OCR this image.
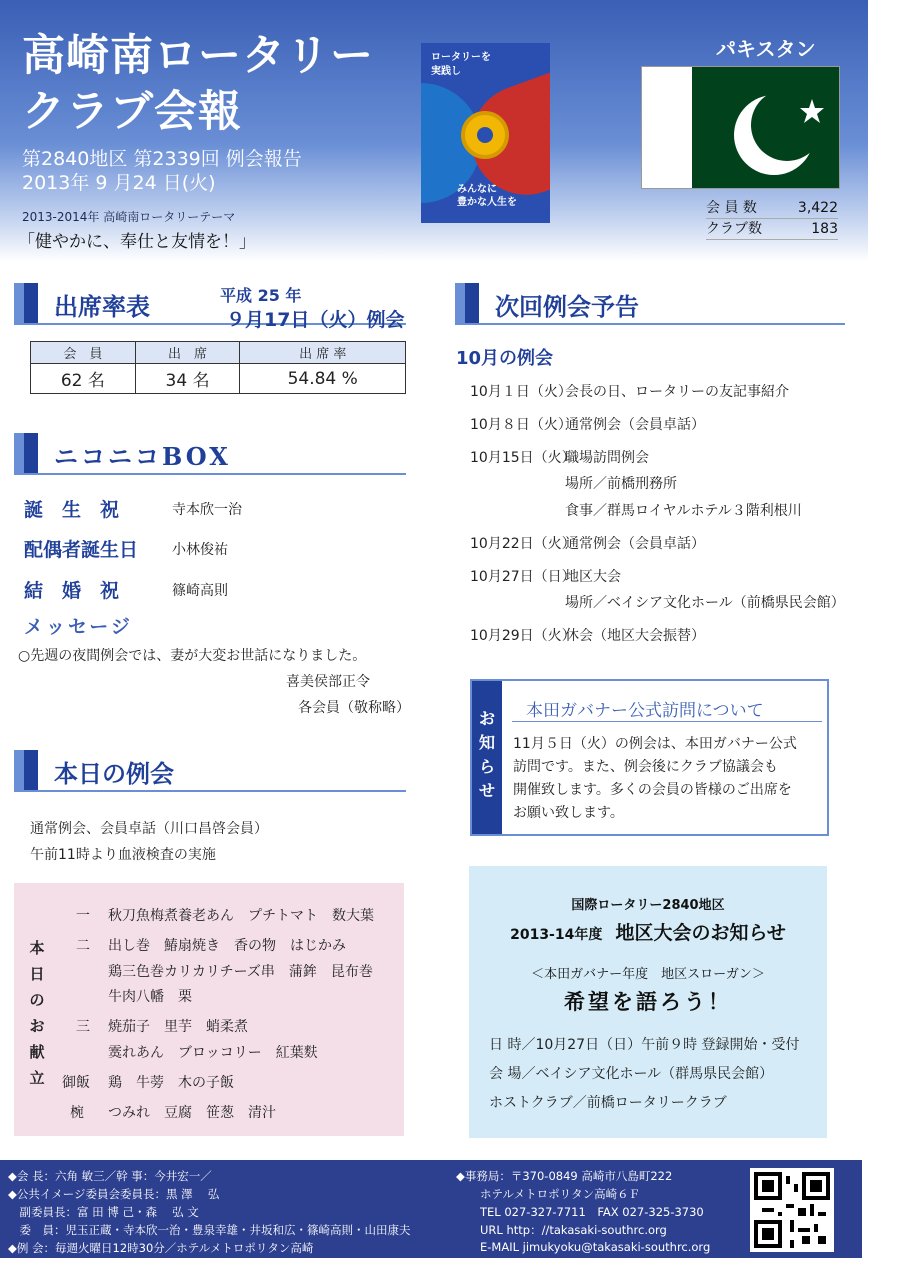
高崎南ロータリー
クラブ会報
第2840地区 第2339回 例会報告
2013年 9 月24 日(火)
2013-2014年 高崎南ロータリーテーマ
「健やかに、奉仕と友情を！」
ロータリーを
実践し
みんなに
豊かな人生を
パキスタン
会 員 数	3,422
クラブ数	183
出席率表	平成 25 年
９月17日（火）例会
会　員	出　席	出 席 率
62 名	34 名	54.84 %
ニコニコBOX
誕　生　祝	寺本欣一治
配偶者誕生日 小林俊祐
結　婚　祝	篠崎高則
メッセージ
○先週の夜間例会では、妻が大変お世話になりました。
喜美侯部正令
各会員（敬称略）
本日の例会
通常例会、会員卓話（川口昌啓会員）
午前11時より血液検査の実施
本
日
の
お
献
立
一 秋刀魚梅煮養老あん　プチトマト　数大葉
二 出し巻　鰆扇焼き　香の物　はじかみ
鶏三色巻カリカリチーズ串　蒲鉾　昆布巻
牛肉八幡　栗
三 焼茄子　里芋　蛸柔煮
霙れあん　ブロッコリー　紅葉麩
御飯 鶏　牛蒡　木の子飯
椀 つみれ　豆腐　笹葱　清汁
次回例会予告
10月の例会
10月１日（火）
会長の日、ロータリーの友記事紹介
10月８日（火）
通常例会（会員卓話）
10月15日（火）
職場訪問例会
場所／前橋刑務所
食事／群馬ロイヤルホテル３階利根川
10月22日（火）
通常例会（会員卓話）
10月27日（日）
地区大会
場所／ベイシア文化ホール（前橋県民会館）
10月29日（火）
休会（地区大会振替）
お
知
ら
せ
本田ガバナー公式訪問について
11月５日（火）の例会は、本田ガバナー公式
訪問です。また、例会後にクラブ協議会も
開催致します。多くの会員の皆様のご出席を
お願い致します。
国際ロータリー2840地区
2013-14年度 地区大会のお知らせ
＜本田ガバナー年度　地区スローガン＞
希望を語ろう！
日 時／10月27日（日）午前９時 登録開始・受付
会 場／ベイシア文化ホール（群馬県民会館）
ホストクラブ／前橋ロータリークラブ
◆会 長：六角 敏三／幹 事：今井宏一／
◆公共イメージ委員会委員長：黒 澤　 弘
　副委員長：富 田 博 己・森　 弘 文
　委　員：児玉正蔵・寺本欣一治・豊泉幸雄・井坂和広・篠崎高則・山田康夫
◆例 会：毎週火曜日12時30分／ホテルメトロポリタン高崎
◆事務局：〒370-0849 高崎市八島町222
ホテルメトロポリタン高崎６Ｆ
TEL 027-327-7711　FAX 027-325-3730
URL http：//takasaki-southrc.org
E-MAIL jimukyoku@takasaki-southrc.org
